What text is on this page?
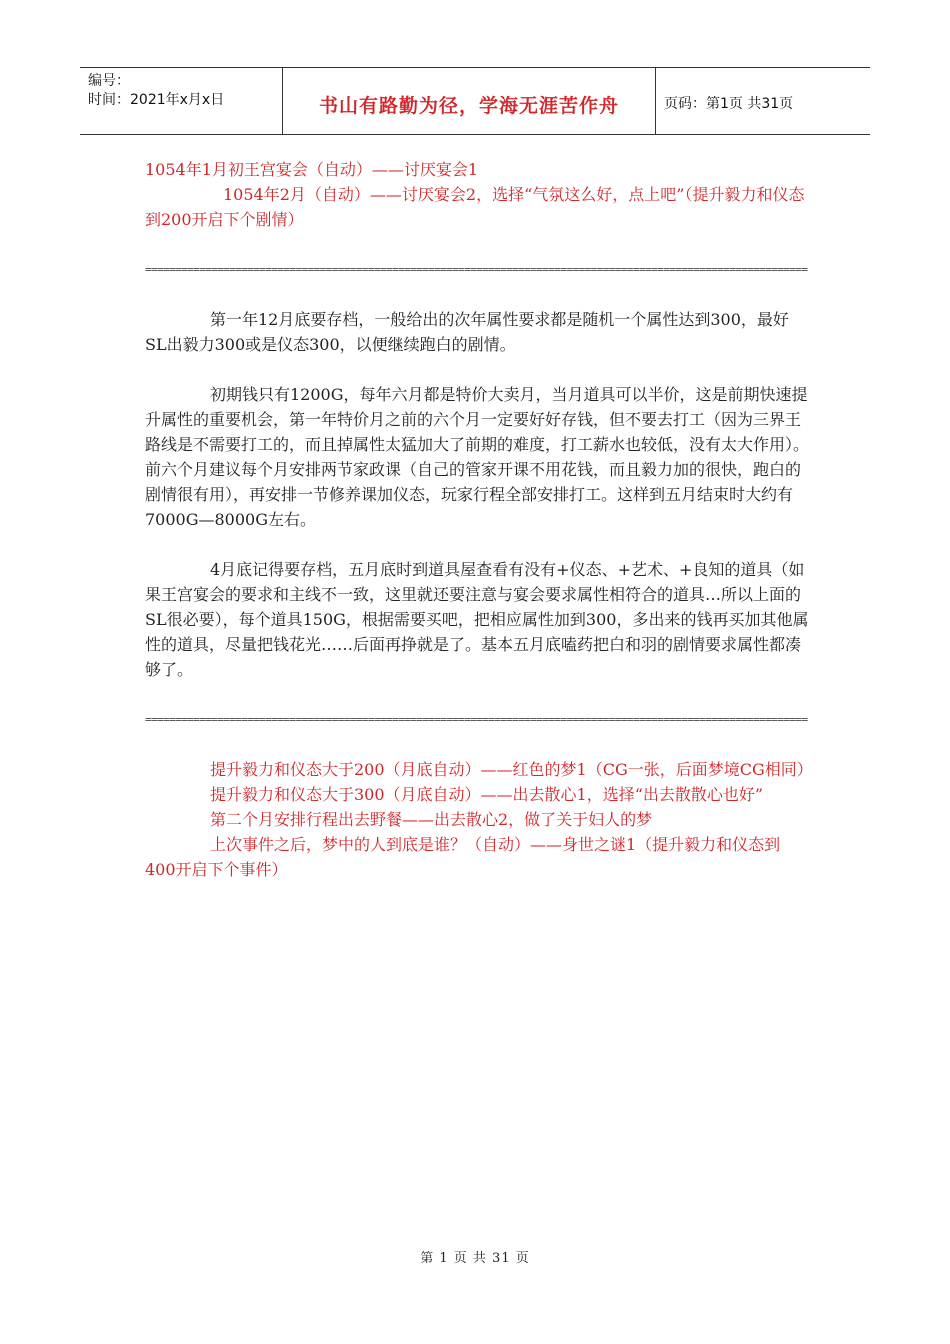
编号：
时间：2021年x月x日	书山有路勤为径，学海无涯苦作舟	页码：第1页 共31页

1054年1月初王宫宴会（自动）——讨厌宴会1

1054年2月（自动）——讨厌宴会2，选择“气氛这么好，点上吧”（提升毅力和仪态到200开启下个剧情）

==============================================================================================================

第一年12月底要存档，一般给出的次年属性要求都是随机一个属性达到300，最好SL出毅力300或是仪态300，以便继续跑白的剧情。

初期钱只有1200G，每年六月都是特价大卖月，当月道具可以半价，这是前期快速提升属性的重要机会，第一年特价月之前的六个月一定要好好存钱，但不要去打工（因为三界王路线是不需要打工的，而且掉属性太猛加大了前期的难度，打工薪水也较低，没有太大作用）。前六个月建议每个月安排两节家政课（自己的管家开课不用花钱，而且毅力加的很快，跑白的剧情很有用），再安排一节修养课加仪态，玩家行程全部安排打工。这样到五月结束时大约有7000G—8000G左右。

4月底记得要存档，五月底时到道具屋查看有没有+仪态、+艺术、+良知的道具（如果王宫宴会的要求和主线不一致，这里就还要注意与宴会要求属性相符合的道具…所以上面的SL很必要），每个道具150G，根据需要买吧，把相应属性加到300，多出来的钱再买加其他属性的道具，尽量把钱花光……后面再挣就是了。基本五月底嗑药把白和羽的剧情要求属性都凑够了。

==============================================================================================================

提升毅力和仪态大于200（月底自动）——红色的梦1（CG一张，后面梦境CG相同）

提升毅力和仪态大于300（月底自动）——出去散心1，选择“出去散散心也好”

第二个月安排行程出去野餐——出去散心2，做了关于妇人的梦

上次事件之后，梦中的人到底是谁？（自动）——身世之谜1（提升毅力和仪态到400开启下个事件）

第 1 页 共 31 页
